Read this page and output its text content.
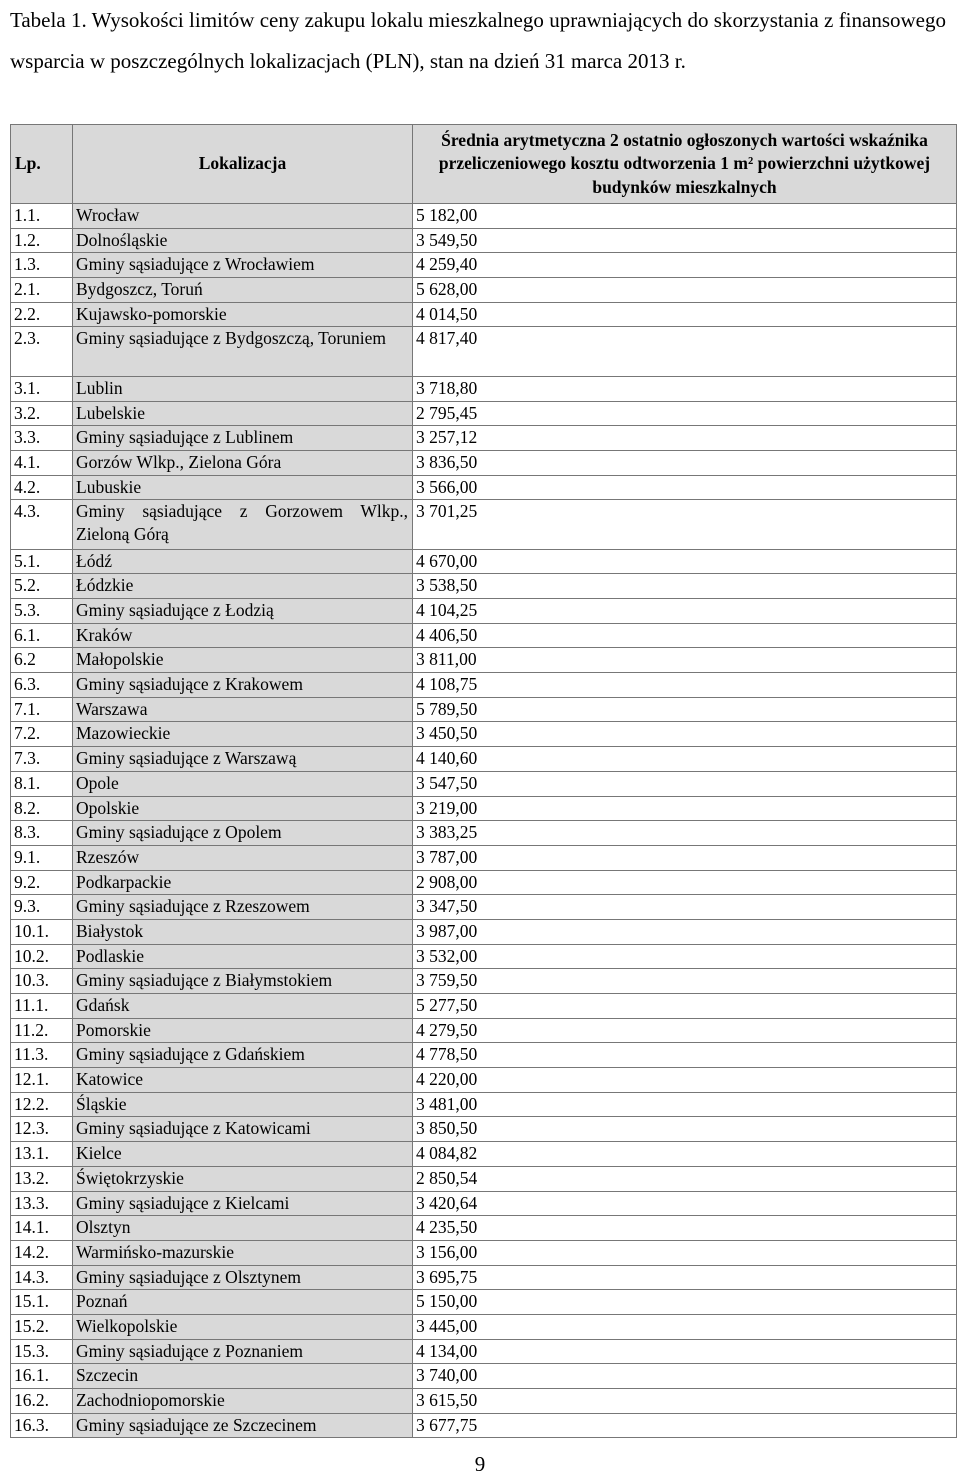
Tabela 1. Wysokości limitów ceny zakupu lokalu mieszkalnego uprawniających do skorzystania z finansowego wsparcia w poszczególnych lokalizacjach (PLN), stan na dzień 31 marca 2013 r.
Lp.	Lokalizacja	Średnia arytmetyczna 2 ostatnio ogłoszonych wartości wskaźnika przeliczeniowego kosztu odtworzenia 1 m² powierzchni użytkowej budynków mieszkalnych
1.1.	Wrocław	5 182,00
1.2.	Dolnośląskie	3 549,50
1.3.	Gminy sąsiadujące z Wrocławiem	4 259,40
2.1.	Bydgoszcz, Toruń	5 628,00
2.2.	Kujawsko-pomorskie	4 014,50
2.3.	Gminy sąsiadujące z Bydgoszczą, Toruniem	4 817,40
3.1.	Lublin	3 718,80
3.2.	Lubelskie	2 795,45
3.3.	Gminy sąsiadujące z Lublinem	3 257,12
4.1.	Gorzów Wlkp., Zielona Góra	3 836,50
4.2.	Lubuskie	3 566,00
4.3.	Gminy sąsiadujące z Gorzowem Wlkp., Zieloną Górą	3 701,25
5.1.	Łódź	4 670,00
5.2.	Łódzkie	3 538,50
5.3.	Gminy sąsiadujące z Łodzią	4 104,25
6.1.	Kraków	4 406,50
6.2	Małopolskie	3 811,00
6.3.	Gminy sąsiadujące z Krakowem	4 108,75
7.1.	Warszawa	5 789,50
7.2.	Mazowieckie	3 450,50
7.3.	Gminy sąsiadujące z Warszawą	4 140,60
8.1.	Opole	3 547,50
8.2.	Opolskie	3 219,00
8.3.	Gminy sąsiadujące z Opolem	3 383,25
9.1.	Rzeszów	3 787,00
9.2.	Podkarpackie	2 908,00
9.3.	Gminy sąsiadujące z Rzeszowem	3 347,50
10.1.	Białystok	3 987,00
10.2.	Podlaskie	3 532,00
10.3.	Gminy sąsiadujące z Białymstokiem	3 759,50
11.1.	Gdańsk	5 277,50
11.2.	Pomorskie	4 279,50
11.3.	Gminy sąsiadujące z Gdańskiem	4 778,50
12.1.	Katowice	4 220,00
12.2.	Śląskie	3 481,00
12.3.	Gminy sąsiadujące z Katowicami	3 850,50
13.1.	Kielce	4 084,82
13.2.	Świętokrzyskie	2 850,54
13.3.	Gminy sąsiadujące z Kielcami	3 420,64
14.1.	Olsztyn	4 235,50
14.2.	Warmińsko-mazurskie	3 156,00
14.3.	Gminy sąsiadujące z Olsztynem	3 695,75
15.1.	Poznań	5 150,00
15.2.	Wielkopolskie	3 445,00
15.3.	Gminy sąsiadujące z Poznaniem	4 134,00
16.1.	Szczecin	3 740,00
16.2.	Zachodniopomorskie	3 615,50
16.3.	Gminy sąsiadujące ze Szczecinem	3 677,75
9
